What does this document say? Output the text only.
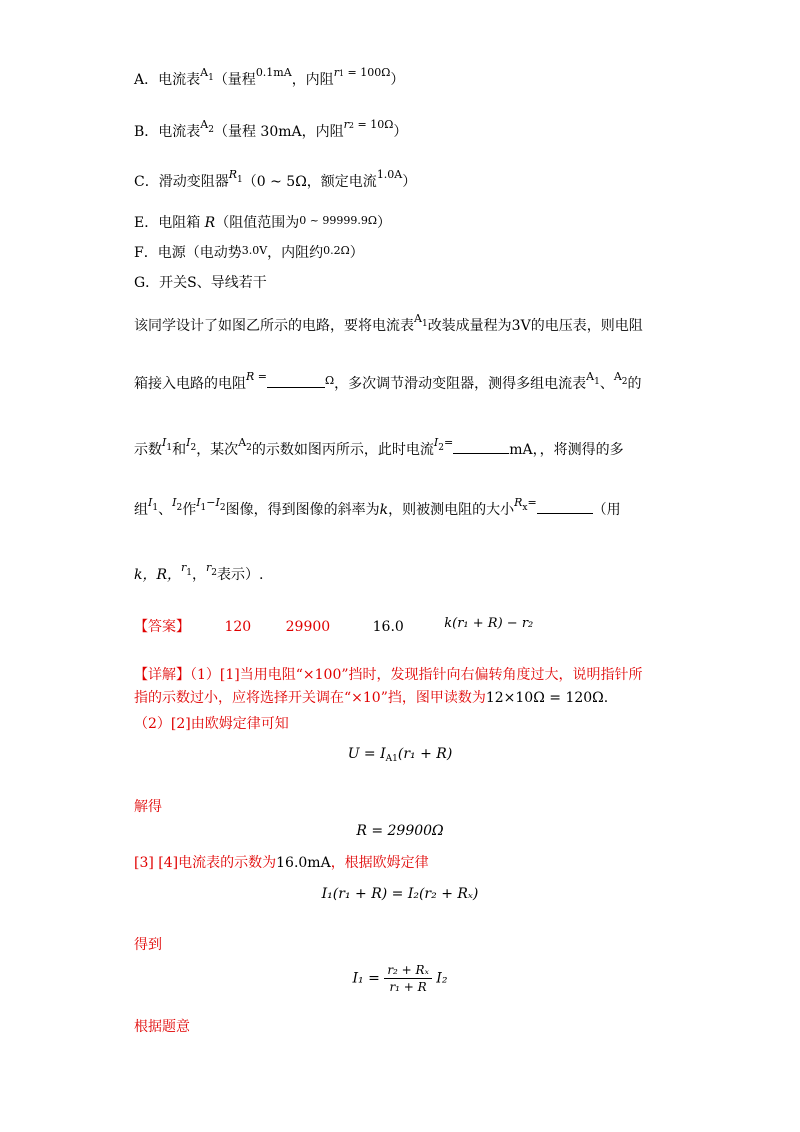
A．电流表$^{A1}$（量程$^{0.1mA}$，内阻$^{r1 = 100\Omega}$）
B．电流表$^{A2}$（量程 30mA，内阻$^{r2 = 10\Omega}$）
C．滑动变阻器$^{R1}$（0 ~ 5Ω，额定电流$^{1.0A}$）
E．电阻箱 R（阻值范围为$^{0 \sim 99999.9\Omega}$）
F．电源（电动势$^{3.0V}$，内阻约$^{0.2\Omega}$）
G．开关S、导线若干
该同学设计了如图乙所示的电路，要将电流表$^{A1}$改装成量程为3V的电压表，则电阻
箱接入电路的电阻$^{R =}$	$^\Omega$，多次调节滑动变阻器，测得多组电流表$^{A1}$、$^{A2}$的
示数$^{I1}$和$^{I2}$，某次$^{A2}$的示数如图丙所示，此时电流$^{I2=}$	mA，，将测得的多
组$^{I1}$、$^{I2}$作$^{I1-I2}$图像，得到图像的斜率为k，则被测电阻的大小$^{Rx=}$	（用
k，R，$^{r1}$，$^{r2}$表示）.
【答案】 120 29900	16.0	k(r₁ + R) − r₂
【详解】（1）[1]当用电阻“×100”挡时，发现指针向右偏转角度过大，说明指针所
指的示数过小，应将选择开关调在“×10”挡，图甲读数为12×10Ω = 120Ω.
（2）[2]由欧姆定律可知
$U = I_{A1}(r_1 + R)$
解得
R = 29900Ω
[3] [4]电流表的示数为16.0mA，根据欧姆定律
I₁(r₁ + R) = I₂(r₂ + Rₓ)
得到
$I_1 = \frac{\text{r₂ + Rₓ}}{\text{r₁ + R}} I_2$
根据题意
